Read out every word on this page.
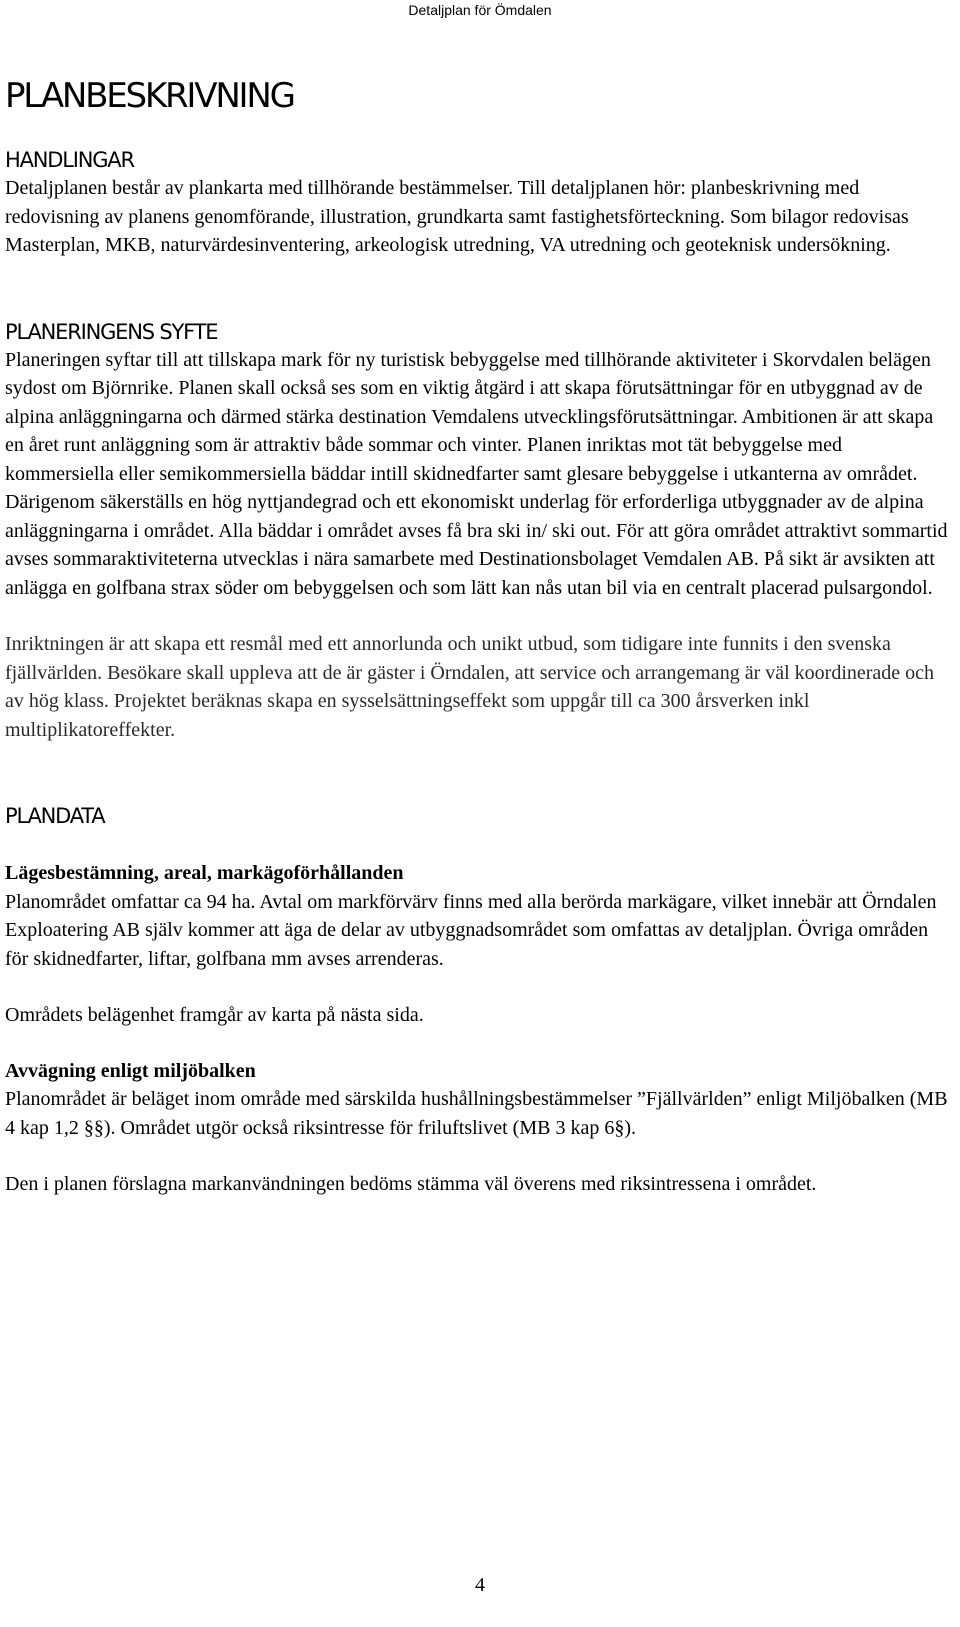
Detaljplan för Ömdalen
PLANBESKRIVNING
HANDLINGAR

Detaljplanen består av plankarta med tillhörande bestämmelser. Till detaljplanen hör: planbeskrivning med redovisning av planens genomförande, illustration, grundkarta samt fastighetsförteckning. Som bilagor redovisas Masterplan, MKB, naturvärdesinventering, arkeologisk utredning, VA utredning och geoteknisk undersökning.

PLANERINGENS SYFTE

Planeringen syftar till att tillskapa mark för ny turistisk bebyggelse med tillhörande aktiviteter i Skorvdalen belägen sydost om Björnrike. Planen skall också ses som en viktig åtgärd i att skapa förutsättningar för en utbyggnad av de alpina anläggningarna och därmed stärka destination Vemdalens utvecklingsförutsättningar. Ambitionen är att skapa en året runt anläggning som är attraktiv både sommar och vinter. Planen inriktas mot tät bebyggelse med kommersiella eller semikommersiella bäddar intill skidnedfarter samt glesare bebyggelse i utkanterna av området. Därigenom säkerställs en hög nyttjandegrad och ett ekonomiskt underlag för erforderliga utbyggnader av de alpina anläggningarna i området. Alla bäddar i området avses få bra ski in/ ski out. För att göra området attraktivt sommartid avses sommaraktiviteterna utvecklas i nära samarbete med Destinationsbolaget Vemdalen AB. På sikt är avsikten att anlägga en golfbana strax söder om bebyggelsen och som lätt kan nås utan bil via en centralt placerad pulsargondol.

Inriktningen är att skapa ett resmål med ett annorlunda och unikt utbud, som tidigare inte funnits i den svenska fjällvärlden. Besökare skall uppleva att de är gäster i Örndalen, att service och arrangemang är väl koordinerade och av hög klass. Projektet beräknas skapa en sysselsättningseffekt som uppgår till ca 300 årsverken inkl multiplikatoreffekter.

PLANDATA
Lägesbestämning, areal, markägoförhållanden

Planområdet omfattar ca 94 ha. Avtal om markförvärv finns med alla berörda markägare, vilket innebär att Örndalen Exploatering AB själv kommer att äga de delar av utbyggnadsområdet som omfattas av detaljplan. Övriga områden för skidnedfarter, liftar, golfbana mm avses arrenderas.

Områdets belägenhet framgår av karta på nästa sida.

Avvägning enligt miljöbalken

Planområdet är beläget inom område med särskilda hushållningsbestämmelser ”Fjällvärlden” enligt Miljöbalken (MB 4 kap 1,2 §§). Området utgör också riksintresse för friluftslivet (MB 3 kap 6§).

Den i planen förslagna markanvändningen bedöms stämma väl överens med riksintressena i området.

4
